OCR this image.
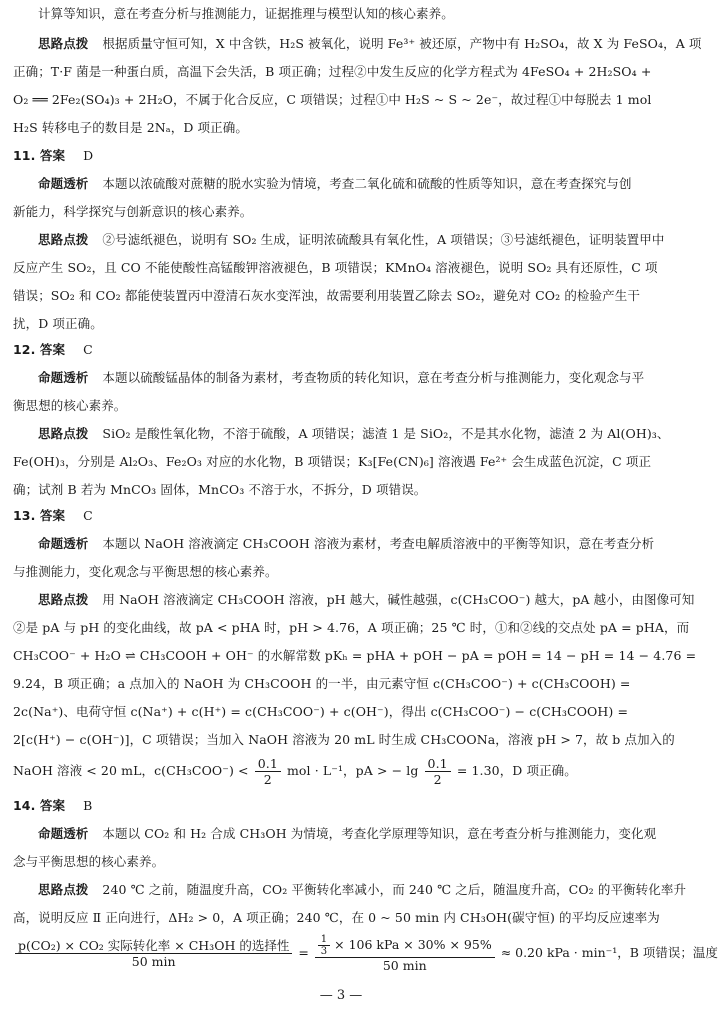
计算等知识，意在考查分析与推测能力，证据推理与模型认知的核心素养。
思路点拨 根据质量守恒可知，X 中含铁，H₂S 被氧化，说明 Fe³⁺ 被还原，产物中有 H₂SO₄，故 X 为 FeSO₄，A 项
正确；T·F 菌是一种蛋白质，高温下会失活，B 项正确；过程②中发生反应的化学方程式为 4FeSO₄ + 2H₂SO₄ +
O₂ ══ 2Fe₂(SO₄)₃ + 2H₂O，不属于化合反应，C 项错误；过程①中 H₂S ~ S ~ 2e⁻，故过程①中每脱去 1 mol
H₂S 转移电子的数目是 2Nₐ，D 项正确。
11. 答案 D
命题透析 本题以浓硫酸对蔗糖的脱水实验为情境，考查二氧化硫和硫酸的性质等知识，意在考查探究与创
新能力，科学探究与创新意识的核心素养。
思路点拨 ②号滤纸褪色，说明有 SO₂ 生成，证明浓硫酸具有氧化性，A 项错误；③号滤纸褪色，证明装置甲中
反应产生 SO₂，且 CO 不能使酸性高锰酸钾溶液褪色，B 项错误；KMnO₄ 溶液褪色，说明 SO₂ 具有还原性，C 项
错误；SO₂ 和 CO₂ 都能使装置丙中澄清石灰水变浑浊，故需要利用装置乙除去 SO₂，避免对 CO₂ 的检验产生干
扰，D 项正确。
12. 答案 C
命题透析 本题以硫酸锰晶体的制备为素材，考查物质的转化知识，意在考查分析与推测能力，变化观念与平
衡思想的核心素养。
思路点拨 SiO₂ 是酸性氧化物，不溶于硫酸，A 项错误；滤渣 1 是 SiO₂，不是其水化物，滤渣 2 为 Al(OH)₃、
Fe(OH)₃，分别是 Al₂O₃、Fe₂O₃ 对应的水化物，B 项错误；K₃[Fe(CN)₆] 溶液遇 Fe²⁺ 会生成蓝色沉淀，C 项正
确；试剂 B 若为 MnCO₃ 固体，MnCO₃ 不溶于水，不拆分，D 项错误。
13. 答案 C
命题透析 本题以 NaOH 溶液滴定 CH₃COOH 溶液为素材，考查电解质溶液中的平衡等知识，意在考查分析
与推测能力，变化观念与平衡思想的核心素养。
思路点拨 用 NaOH 溶液滴定 CH₃COOH 溶液，pH 越大，碱性越强，c(CH₃COO⁻) 越大，pA 越小，由图像可知
②是 pA 与 pH 的变化曲线，故 pA < pHA 时，pH > 4.76，A 项正确；25 ℃ 时，①和②线的交点处 pA = pHA，而
CH₃COO⁻ + H₂O ⇌ CH₃COOH + OH⁻ 的水解常数 pKₕ = pHA + pOH − pA = pOH = 14 − pH = 14 − 4.76 =
9.24，B 项正确；a 点加入的 NaOH 为 CH₃COOH 的一半，由元素守恒 c(CH₃COO⁻) + c(CH₃COOH) =
2c(Na⁺)、电荷守恒 c(Na⁺) + c(H⁺) = c(CH₃COO⁻) + c(OH⁻)，得出 c(CH₃COO⁻) − c(CH₃COOH) =
2[c(H⁺) − c(OH⁻)]，C 项错误；当加入 NaOH 溶液为 20 mL 时生成 CH₃COONa，溶液 pH > 7，故 b 点加入的
NaOH 溶液 < 20 mL，$c(CH_3COO^-) < \frac{0.1}{2}$ mol · L⁻¹，pA > − $\lg \frac{0.1}{2} = 1.30$，D 项正确。
14. 答案 B
命题透析 本题以 CO₂ 和 H₂ 合成 CH₃OH 为情境，考查化学原理等知识，意在考查分析与推测能力，变化观
念与平衡思想的核心素养。
思路点拨 240 ℃ 之前，随温度升高，CO₂ 平衡转化率减小，而 240 ℃ 之后，随温度升高，CO₂ 的平衡转化率升
高，说明反应 Ⅱ 正向进行，ΔH₂ > 0，A 项正确；240 ℃，在 0 ~ 50 min 内 CH₃OH(碳守恒) 的平均反应速率为
$\frac{\text{p(CO₂) × CO₂ 实际转化率 × CH₃OH 的选择性}}{50 \min} = \frac{\frac{1}{3} \times 106 kPa \times 30\% \times 95\%}{50 \min} \approx 0.20$ kPa · min⁻¹，B 项错误；温度
— 3 —
